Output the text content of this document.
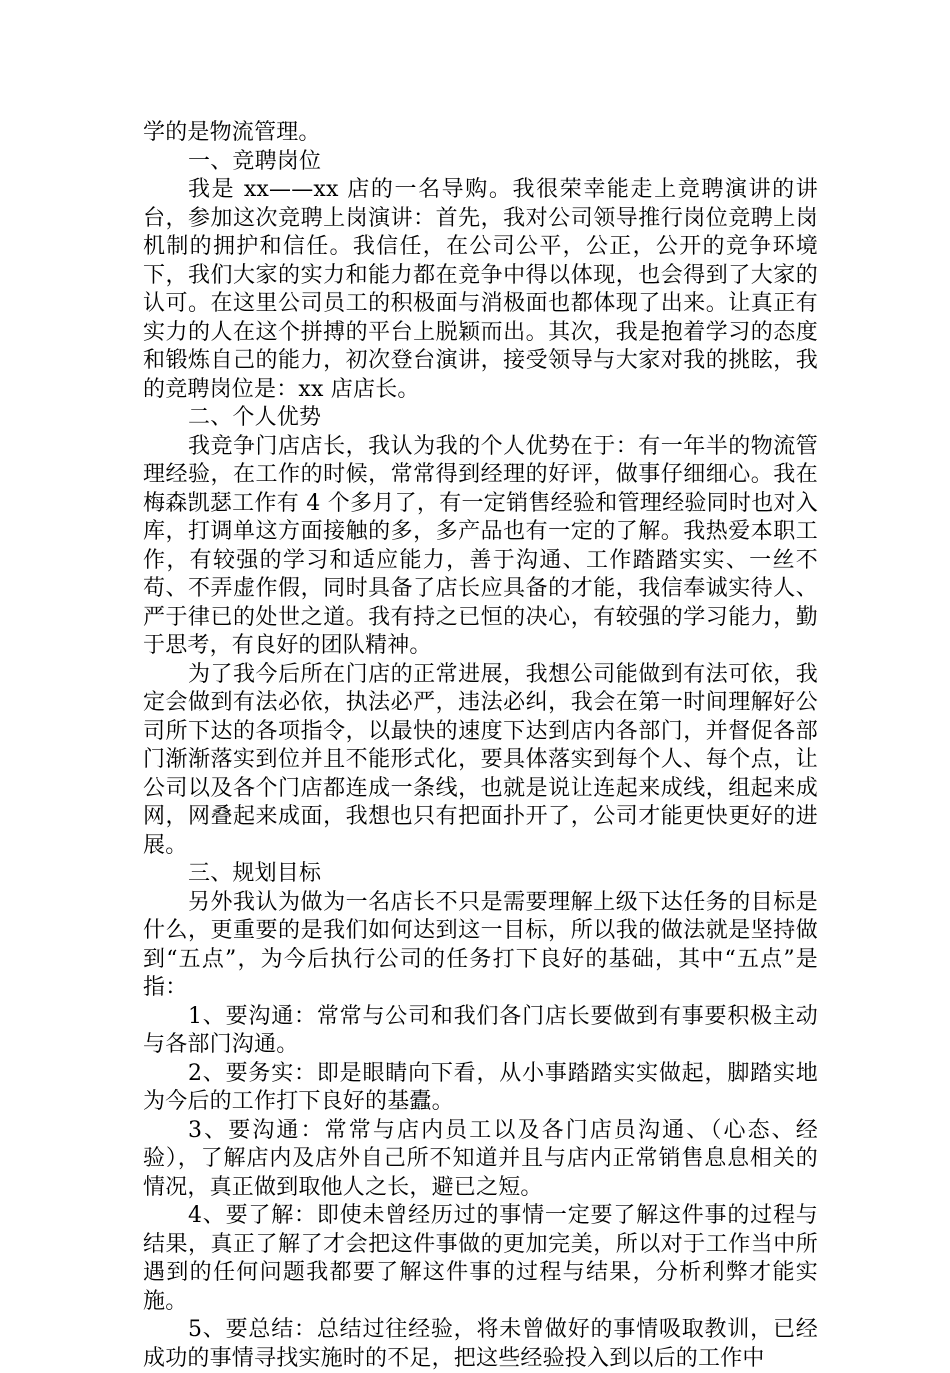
学的是物流管理。

一、竞聘岗位

我是 xx——xx 店的一名导购。我很荣幸能走上竞聘演讲的讲台，参加这次竞聘上岗演讲：首先，我对公司领导推行岗位竞聘上岗机制的拥护和信任。我信任，在公司公平，公正，公开的竞争环境下，我们大家的实力和能力都在竞争中得以体现，也会得到了大家的认可。在这里公司员工的积极面与消极面也都体现了出来。让真正有实力的人在这个拼搏的平台上脱颖而出。其次，我是抱着学习的态度和锻炼自己的能力，初次登台演讲，接受领导与大家对我的挑眩，我的竞聘岗位是：xx 店店长。

二、个人优势

我竞争门店店长，我认为我的个人优势在于：有一年半的物流管理经验，在工作的时候，常常得到经理的好评，做事仔细细心。我在梅森凯瑟工作有 4 个多月了，有一定销售经验和管理经验同时也对入库，打调单这方面接触的多，多产品也有一定的了解。我热爱本职工作，有较强的学习和适应能力，善于沟通、工作踏踏实实、一丝不苟、不弄虚作假，同时具备了店长应具备的才能，我信奉诚实待人、严于律已的处世之道。我有持之已恒的决心，有较强的学习能力，勤于思考，有良好的团队精神。

为了我今后所在门店的正常进展，我想公司能做到有法可依，我定会做到有法必依，执法必严，违法必纠，我会在第一时间理解好公司所下达的各项指令，以最快的速度下达到店内各部门，并督促各部门渐渐落实到位并且不能形式化，要具体落实到每个人、每个点，让公司以及各个门店都连成一条线，也就是说让连起来成线，组起来成网，网叠起来成面，我想也只有把面扑开了，公司才能更快更好的进展。

三、规划目标

另外我认为做为一名店长不只是需要理解上级下达任务的目标是什么，更重要的是我们如何达到这一目标，所以我的做法就是坚持做到“五点”，为今后执行公司的任务打下良好的基础，其中“五点”是指：

1、要沟通：常常与公司和我们各门店长要做到有事要积极主动与各部门沟通。

2、要务实：即是眼睛向下看，从小事踏踏实实做起，脚踏实地为今后的工作打下良好的基蠹。

3、要沟通：常常与店内员工以及各门店员沟通、（心态、经验），了解店内及店外自己所不知道并且与店内正常销售息息相关的情况，真正做到取他人之长，避已之短。

4、要了解：即使未曾经历过的事情一定要了解这件事的过程与结果，真正了解了才会把这件事做的更加完美，所以对于工作当中所遇到的任何问题我都要了解这件事的过程与结果，分析利弊才能实施。

5、要总结：总结过往经验，将未曾做好的事情吸取教训，已经成功的事情寻找实施时的不足，把这些经验投入到以后的工作中
